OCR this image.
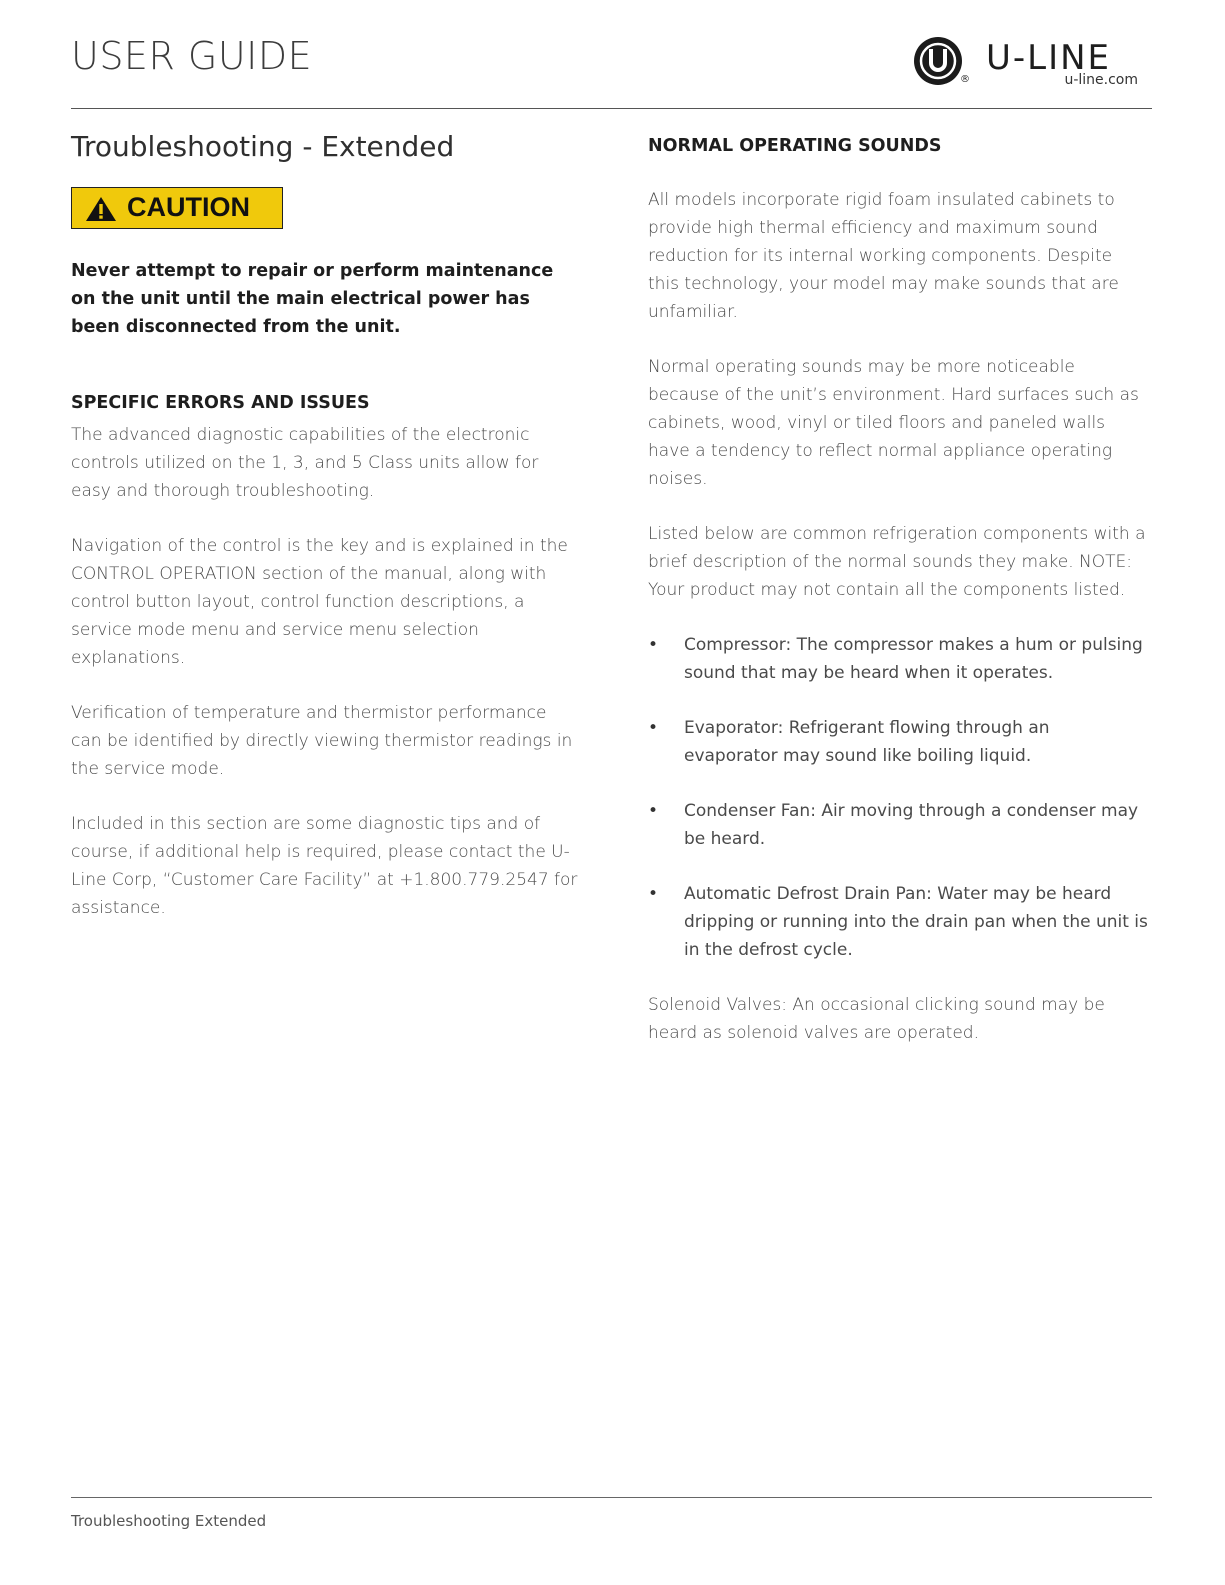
USER GUIDE
®
U-LINE
u-line.com
Troubleshooting - Extended
CAUTION

Never attempt to repair or perform maintenance on the unit until the main electrical power has been disconnected from the unit.

SPECIFIC ERRORS AND ISSUES

The advanced diagnostic capabilities of the electronic controls utilized on the 1, 3, and 5 Class units allow for easy and thorough troubleshooting.

Navigation of the control is the key and is explained in the CONTROL OPERATION section of the manual, along with control button layout, control function descriptions, a service mode menu and service menu selection explanations.

Verification of temperature and thermistor performance can be identified by directly viewing thermistor readings in the service mode.

Included in this section are some diagnostic tips and of course, if additional help is required, please contact the U-Line Corp, “Customer Care Facility” at +1.800.779.2547 for assistance.

NORMAL OPERATING SOUNDS

All models incorporate rigid foam insulated cabinets to provide high thermal efficiency and maximum sound reduction for its internal working components. Despite this technology, your model may make sounds that are unfamiliar.

Normal operating sounds may be more noticeable because of the unit’s environment. Hard surfaces such as cabinets, wood, vinyl or tiled floors and paneled walls have a tendency to reflect normal appliance operating noises.

Listed below are common refrigeration components with a brief description of the normal sounds they make. NOTE: Your product may not contain all the components listed.

• Compressor: The compressor makes a hum or pulsing sound that may be heard when it operates.
• Evaporator: Refrigerant flowing through an evaporator may sound like boiling liquid.
• Condenser Fan: Air moving through a condenser may be heard.
• Automatic Defrost Drain Pan: Water may be heard dripping or running into the drain pan when the unit is in the defrost cycle.

Solenoid Valves: An occasional clicking sound may be heard as solenoid valves are operated.

Troubleshooting Extended
